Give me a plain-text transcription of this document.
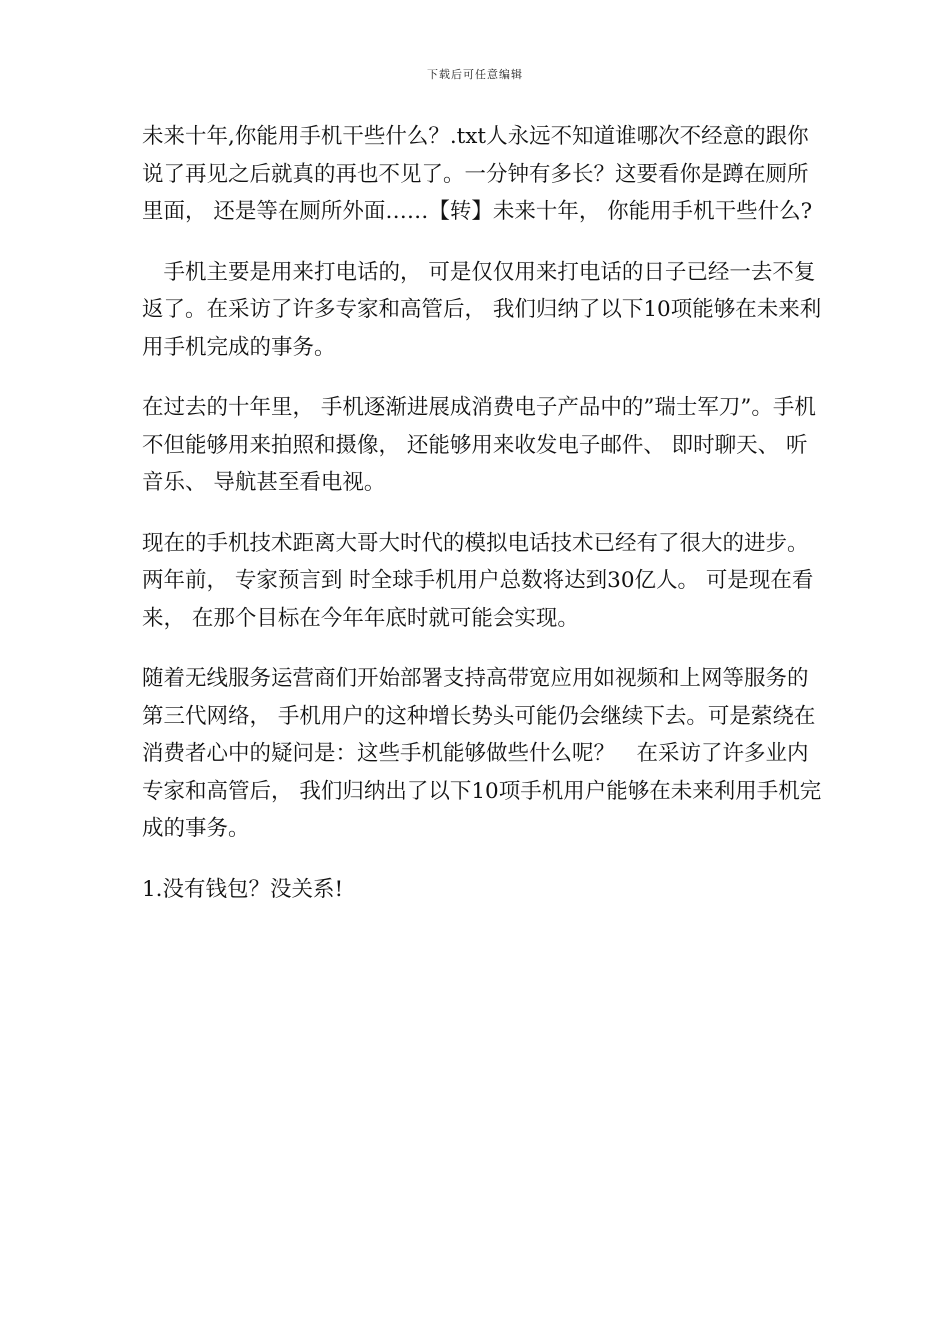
下载后可任意编辑

未来十年,你能用手机干些什么？.txt人永远不知道谁哪次不经意的跟你说了再见之后就真的再也不见了。一分钟有多长？这要看你是蹲在厕所里面， 还是等在厕所外面……【转】未来十年， 你能用手机干些什么?

　手机主要是用来打电话的， 可是仅仅用来打电话的日子已经一去不复返了。在采访了许多专家和高管后， 我们归纳了以下10项能够在未来利用手机完成的事务。

在过去的十年里， 手机逐渐进展成消费电子产品中的”瑞士军刀”。手机不但能够用来拍照和摄像， 还能够用来收发电子邮件、 即时聊天、 听音乐、 导航甚至看电视。

现在的手机技术距离大哥大时代的模拟电话技术已经有了很大的进步。两年前， 专家预言到 时全球手机用户总数将达到30亿人。 可是现在看来， 在那个目标在今年年底时就可能会实现。

随着无线服务运营商们开始部署支持高带宽应用如视频和上网等服务的第三代网络， 手机用户的这种增长势头可能仍会继续下去。可是萦绕在消费者心中的疑问是：这些手机能够做些什么呢？　在采访了许多业内专家和高管后， 我们归纳出了以下10项手机用户能够在未来利用手机完成的事务。

1.没有钱包？没关系!
